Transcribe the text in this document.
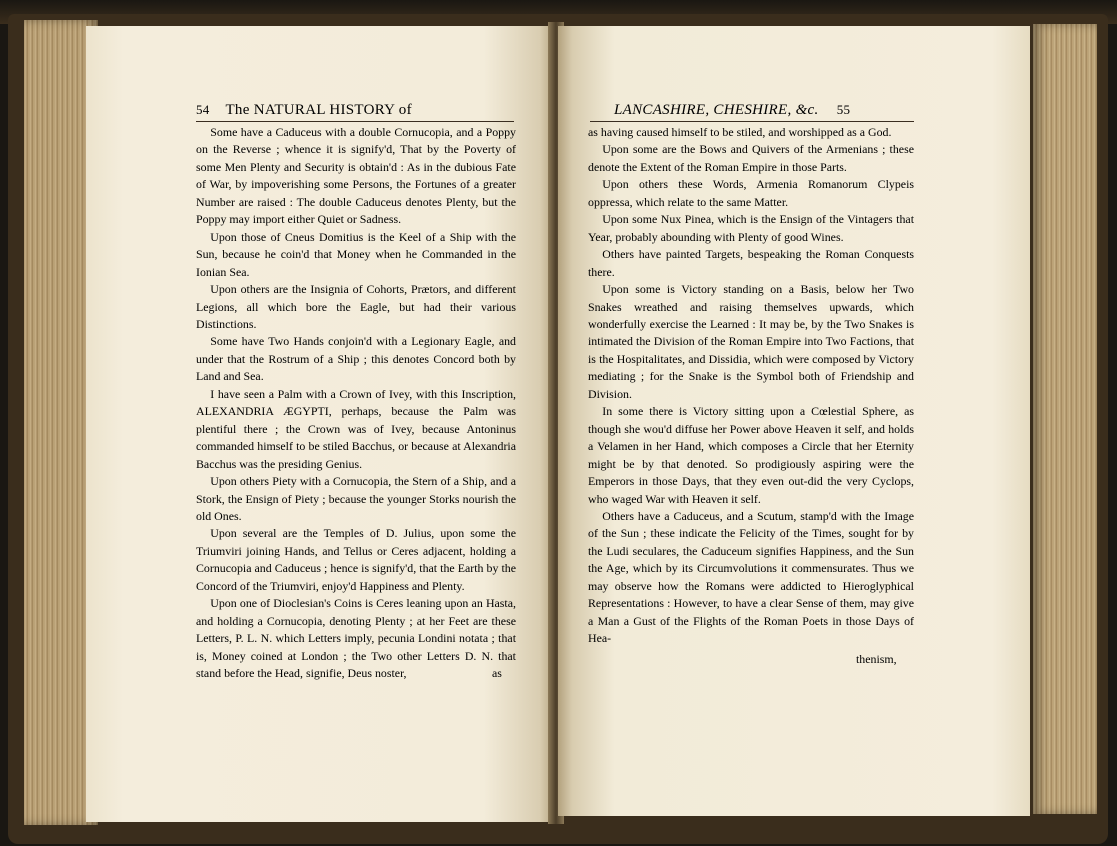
54 The NATURAL HISTORY of

Some have a Caduceus with a double Cornucopia, and a Poppy on the Reverse ; whence it is signify'd, That by the Poverty of some Men Plenty and Security is obtain'd : As in the dubious Fate of War, by impoverishing some Persons, the Fortunes of a greater Number are raised : The double Caduceus denotes Plenty, but the Poppy may import either Quiet or Sadness.

Upon those of Cneus Domitius is the Keel of a Ship with the Sun, because he coin'd that Money when he Commanded in the Ionian Sea.

Upon others are the Insignia of Cohorts, Prætors, and different Legions, all which bore the Eagle, but had their various Distinctions.

Some have Two Hands conjoin'd with a Legionary Eagle, and under that the Rostrum of a Ship ; this denotes Concord both by Land and Sea.

I have seen a Palm with a Crown of Ivey, with this Inscription, ALEXANDRIA ÆGYPTI, perhaps, because the Palm was plentiful there ; the Crown was of Ivey, because Antoninus commanded himself to be stiled Bacchus, or because at Alexandria Bacchus was the presiding Genius.

Upon others Piety with a Cornucopia, the Stern of a Ship, and a Stork, the Ensign of Piety ; because the younger Storks nourish the old Ones.

Upon several are the Temples of D. Julius, upon some the Triumviri joining Hands, and Tellus or Ceres adjacent, holding a Cornucopia and Caduceus ; hence is signify'd, that the Earth by the Concord of the Triumviri, enjoy'd Happiness and Plenty.

Upon one of Dioclesian's Coins is Ceres leaning upon an Hasta, and holding a Cornucopia, denoting Plenty ; at her Feet are these Letters, P. L. N. which Letters imply, pecunia Londini notata ; that is, Money coined at London ; the Two other Letters D. N. that stand before the Head, signifie, Deus noster,	as
LANCASHIRE, CHESHIRE, &c. 55

as having caused himself to be stiled, and worshipped as a God.

Upon some are the Bows and Quivers of the Armenians ; these denote the Extent of the Roman Empire in those Parts.

Upon others these Words, Armenia Romanorum Clypeis oppressa, which relate to the same Matter.

Upon some Nux Pinea, which is the Ensign of the Vintagers that Year, probably abounding with Plenty of good Wines.

Others have painted Targets, bespeaking the Roman Conquests there.

Upon some is Victory standing on a Basis, below her Two Snakes wreathed and raising themselves upwards, which wonderfully exercise the Learned : It may be, by the Two Snakes is intimated the Division of the Roman Empire into Two Factions, that is the Hospitalitates, and Dissidia, which were composed by Victory mediating ; for the Snake is the Symbol both of Friendship and Division.

In some there is Victory sitting upon a Cœlestial Sphere, as though she wou'd diffuse her Power above Heaven it self, and holds a Velamen in her Hand, which composes a Circle that her Eternity might be by that denoted. So prodigiously aspiring were the Emperors in those Days, that they even out-did the very Cyclops, who waged War with Heaven it self.

Others have a Caduceus, and a Scutum, stamp'd with the Image of the Sun ; these indicate the Felicity of the Times, sought for by the Ludi seculares, the Caduceum signifies Happiness, and the Sun the Age, which by its Circumvolutions it commensurates. Thus we may observe how the Romans were addicted to Hieroglyphical Representations : However, to have a clear Sense of them, may give a Man a Gust of the Flights of the Roman Poets in those Days of Hea-

thenism,
